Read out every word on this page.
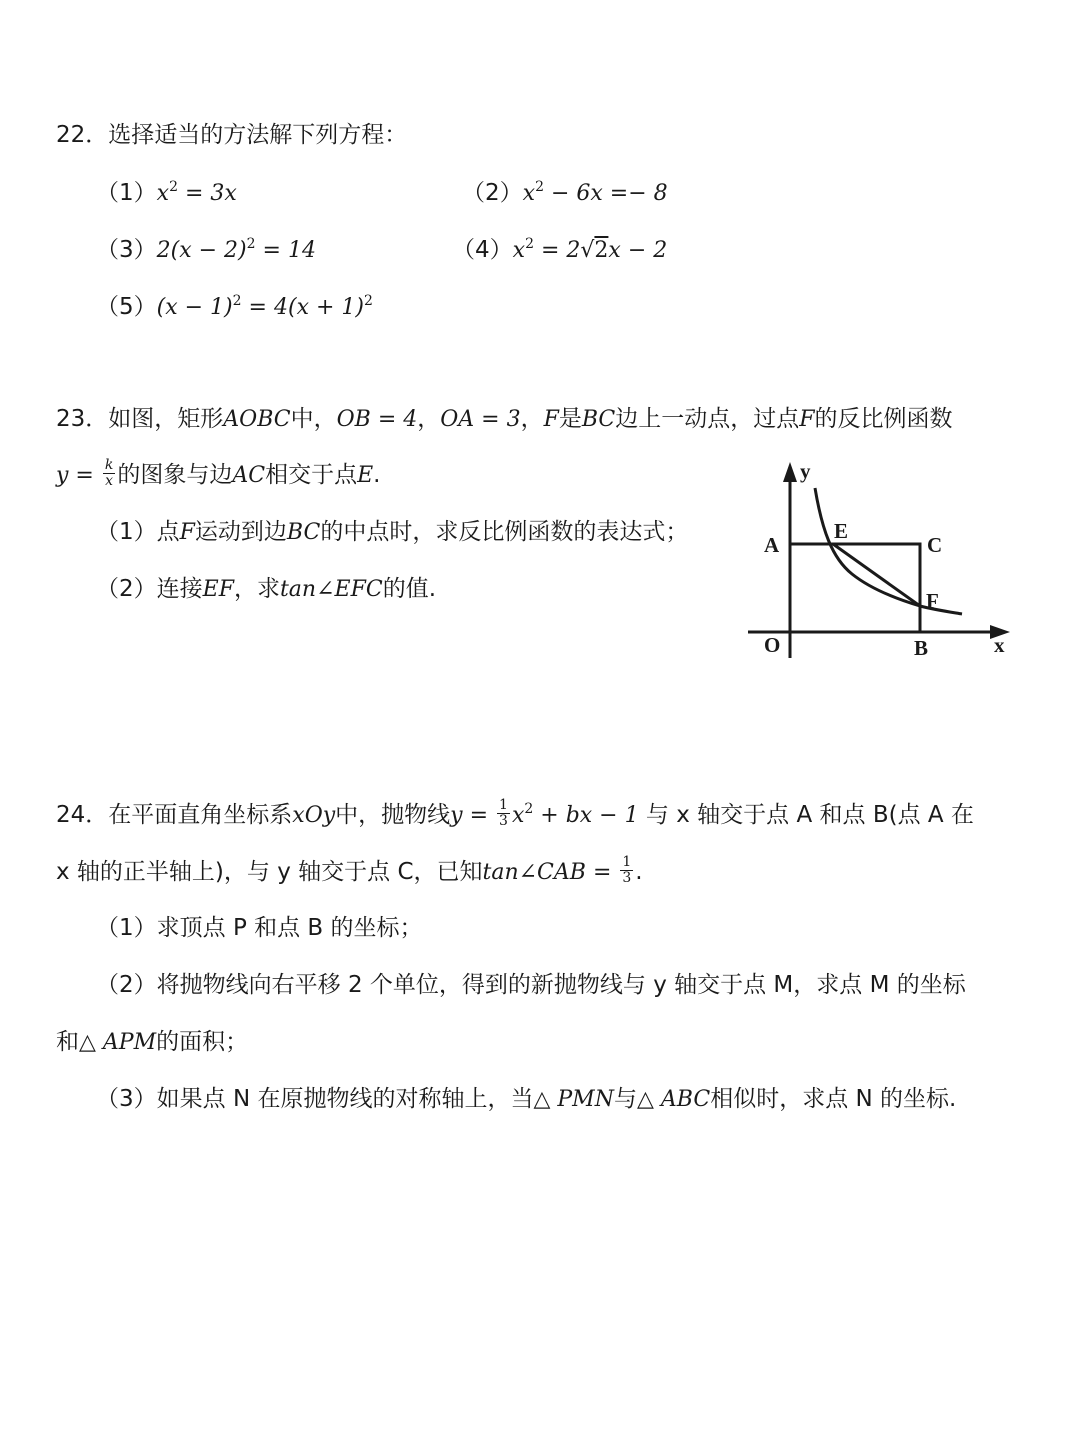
22．选择适当的方法解下列方程：
$(1)x^2 = 3x$	$(2)x^2 - 6x =- 8$
$(3)2(x - 2)^2 = 14$	$(4)x^2 = 2√2x - 2$
$(5)(x - 1)^2 = 4(x + 1)^2$
23．如图，矩形AOBC中，OB = 4，OA = 3，F是BC边上一动点，过点F的反比例函数
$y = \frac{k}{x}$ 的图象与边AC相交于点E.
（1）点F运动到边BC的中点时，求反比例函数的表达式；
（2）连接EF，求tan∠EFC的值.
y
A
E
C
F
O	B	x
24．在平面直角坐标系xOy中，抛物线$y = \frac{1}{3} x^2$ + bx − 1 与 x 轴交于点 A 和点 B(点 A 在
x 轴的正半轴上)，与 y 轴交于点 C，已知tan∠CAB = $\frac{1}{3}$ .
（1）求顶点 P 和点 B 的坐标；
（2）将抛物线向右平移 2 个单位，得到的新抛物线与 y 轴交于点 M，求点 M 的坐标
和△ APM的面积；
（3）如果点 N 在原抛物线的对称轴上，当△ PMN与△ ABC相似时，求点 N 的坐标.
